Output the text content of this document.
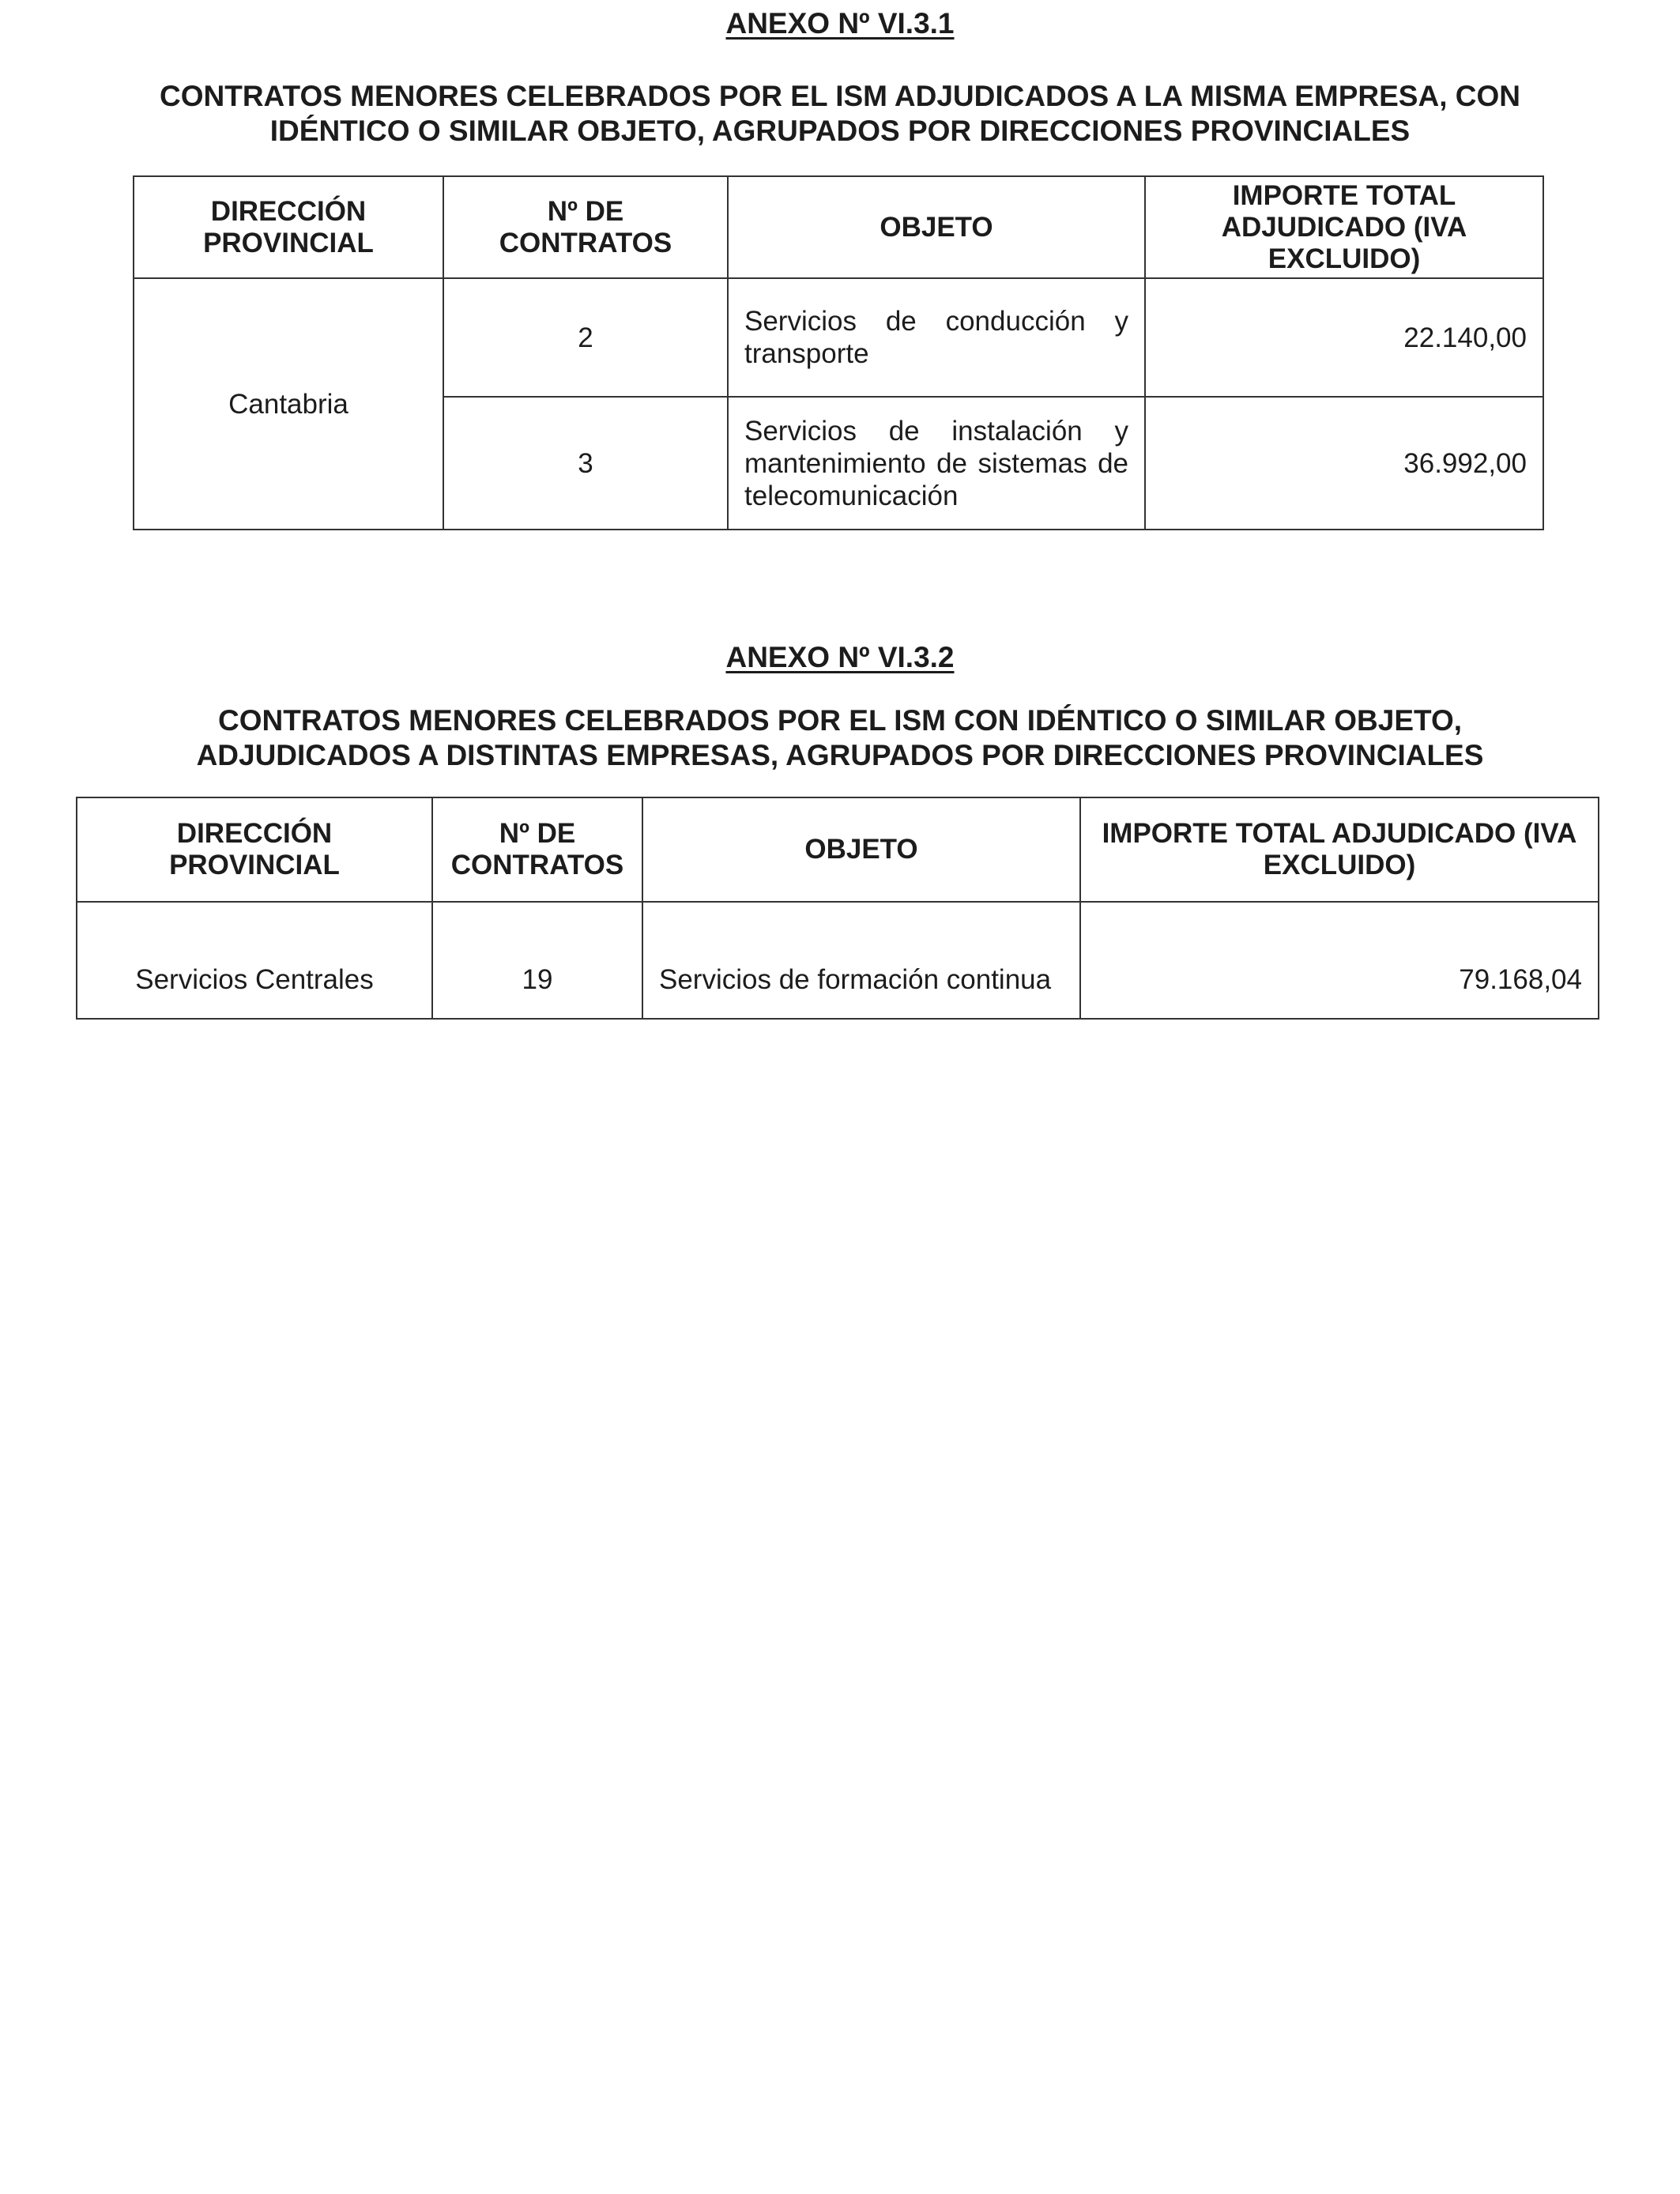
ANEXO Nº VI.3.1
CONTRATOS MENORES CELEBRADOS POR EL ISM ADJUDICADOS A LA MISMA EMPRESA, CON
IDÉNTICO O SIMILAR OBJETO, AGRUPADOS POR DIRECCIONES PROVINCIALES
DIRECCIÓN PROVINCIAL	Nº DE CONTRATOS	OBJETO	IMPORTE TOTAL ADJUDICADO (IVA EXCLUIDO)

Cantabria	2	Servicios de conducción y transporte	22.140,00
	3	Servicios de instalación y mantenimiento de sistemas de telecomunicación	36.992,00
ANEXO Nº VI.3.2
CONTRATOS MENORES CELEBRADOS POR EL ISM CON IDÉNTICO O SIMILAR OBJETO,
ADJUDICADOS A DISTINTAS EMPRESAS, AGRUPADOS POR DIRECCIONES PROVINCIALES
DIRECCIÓN PROVINCIAL	Nº DE CONTRATOS	OBJETO	IMPORTE TOTAL ADJUDICADO (IVA EXCLUIDO)
Servicios Centrales	19	Servicios de formación continua	79.168,04
